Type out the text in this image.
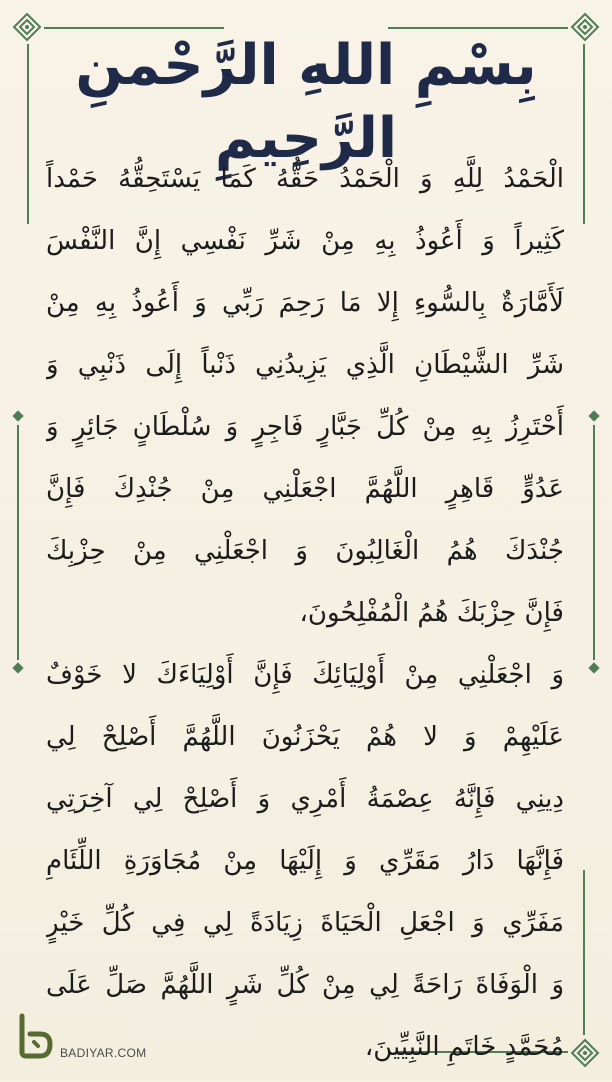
بِسْمِ اللهِ الرَّحْمنِ الرَّحِيمِ
الْحَمْدُ لِلَّهِ وَ الْحَمْدُ حَقُّهُ كَمَا يَسْتَحِقُّهُ حَمْداً
كَثِيراً وَ أَعُوذُ بِهِ مِنْ شَرِّ نَفْسِي إِنَّ النَّفْسَ
لَأَمَّارَةٌ بِالسُّوءِ إِلا مَا رَحِمَ رَبِّي وَ أَعُوذُ بِهِ مِنْ
شَرِّ الشَّيْطَانِ الَّذِي يَزِيدُنِي ذَنْباً إِلَى ذَنْبِي وَ
أَحْتَرِزُ بِهِ مِنْ كُلِّ جَبَّارٍ فَاجِرٍ وَ سُلْطَانٍ جَائِرٍ وَ
عَدُوٍّ قَاهِرٍ اللَّهُمَّ اجْعَلْنِي مِنْ جُنْدِكَ فَإِنَّ
جُنْدَكَ هُمُ الْغَالِبُونَ وَ اجْعَلْنِي مِنْ حِزْبِكَ
فَإِنَّ حِزْبَكَ هُمُ الْمُفْلِحُونَ،
وَ اجْعَلْنِي مِنْ أَوْلِيَائِكَ فَإِنَّ أَوْلِيَاءَكَ لا خَوْفٌ
عَلَيْهِمْ وَ لا هُمْ يَحْزَنُونَ اللَّهُمَّ أَصْلِحْ لِي
دِينِي فَإِنَّهُ عِصْمَةُ أَمْرِي وَ أَصْلِحْ لِي آخِرَتِي
فَإِنَّهَا دَارُ مَقَرِّي وَ إِلَيْهَا مِنْ مُجَاوَرَةِ اللِّئَامِ
مَفَرِّي وَ اجْعَلِ الْحَيَاةَ زِيَادَةً لِي فِي كُلِّ خَيْرٍ
وَ الْوَفَاةَ رَاحَةً لِي مِنْ كُلِّ شَرٍ اللَّهُمَّ صَلِّ عَلَى
مُحَمَّدٍ خَاتَمِ النَّبِيِّينَ،
BADIYAR.COM
